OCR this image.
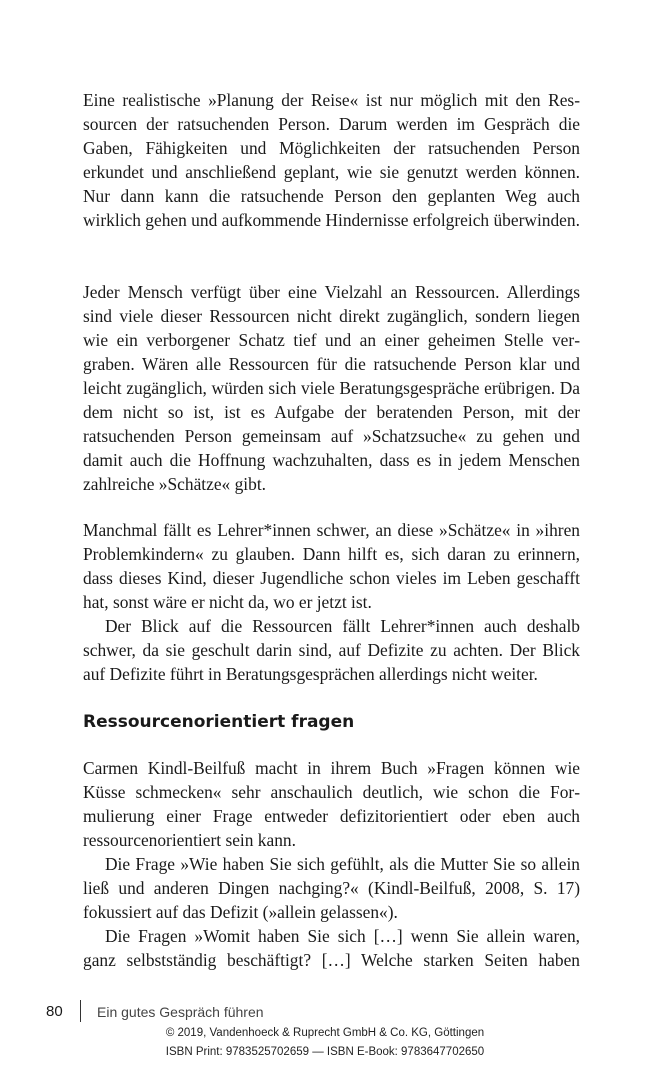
Eine realistische »Planung der Reise« ist nur möglich mit den Ressourcen der ratsuchenden Person. Darum werden im Gespräch die Gaben, Fähigkeiten und Möglichkeiten der ratsuchenden Person erkundet und anschließend geplant, wie sie genutzt werden können. Nur dann kann die ratsuchende Person den geplanten Weg auch wirklich gehen und aufkommende Hindernisse erfolgreich überwinden.

Jeder Mensch verfügt über eine Vielzahl an Ressourcen. Allerdings sind viele dieser Ressourcen nicht direkt zugänglich, sondern liegen wie ein verborgener Schatz tief und an einer geheimen Stelle vergraben. Wären alle Ressourcen für die ratsuchende Person klar und leicht zugänglich, würden sich viele Beratungsgespräche erübrigen. Da dem nicht so ist, ist es Aufgabe der beratenden Person, mit der ratsuchenden Person gemeinsam auf »Schatzsuche« zu gehen und damit auch die Hoffnung wachzuhalten, dass es in jedem Menschen zahlreiche »Schätze« gibt.

Manchmal fällt es Lehrer*innen schwer, an diese »Schätze« in »ihren Problemkindern« zu glauben. Dann hilft es, sich daran zu erinnern, dass dieses Kind, dieser Jugendliche schon vieles im Leben geschafft hat, sonst wäre er nicht da, wo er jetzt ist.

Der Blick auf die Ressourcen fällt Lehrer*innen auch deshalb schwer, da sie geschult darin sind, auf Defizite zu achten. Der Blick auf Defizite führt in Beratungsgesprächen allerdings nicht weiter.

Ressourcenorientiert fragen

Carmen Kindl-Beilfuß macht in ihrem Buch »Fragen können wie Küsse schmecken« sehr anschaulich deutlich, wie schon die Formulierung einer Frage entweder defizitorientiert oder eben auch ressourcenorientiert sein kann.

Die Frage »Wie haben Sie sich gefühlt, als die Mutter Sie so allein ließ und anderen Dingen nachging?« (Kindl-Beilfuß, 2008, S. 17) fokussiert auf das Defizit (»allein gelassen«).

Die Fragen »Womit haben Sie sich […] wenn Sie allein waren, ganz selbstständig beschäftigt? […] Welche starken Seiten haben

80 Ein gutes Gespräch führen
© 2019, Vandenhoeck & Ruprecht GmbH & Co. KG, Göttingen
ISBN Print: 9783525702659 — ISBN E-Book: 9783647702650
